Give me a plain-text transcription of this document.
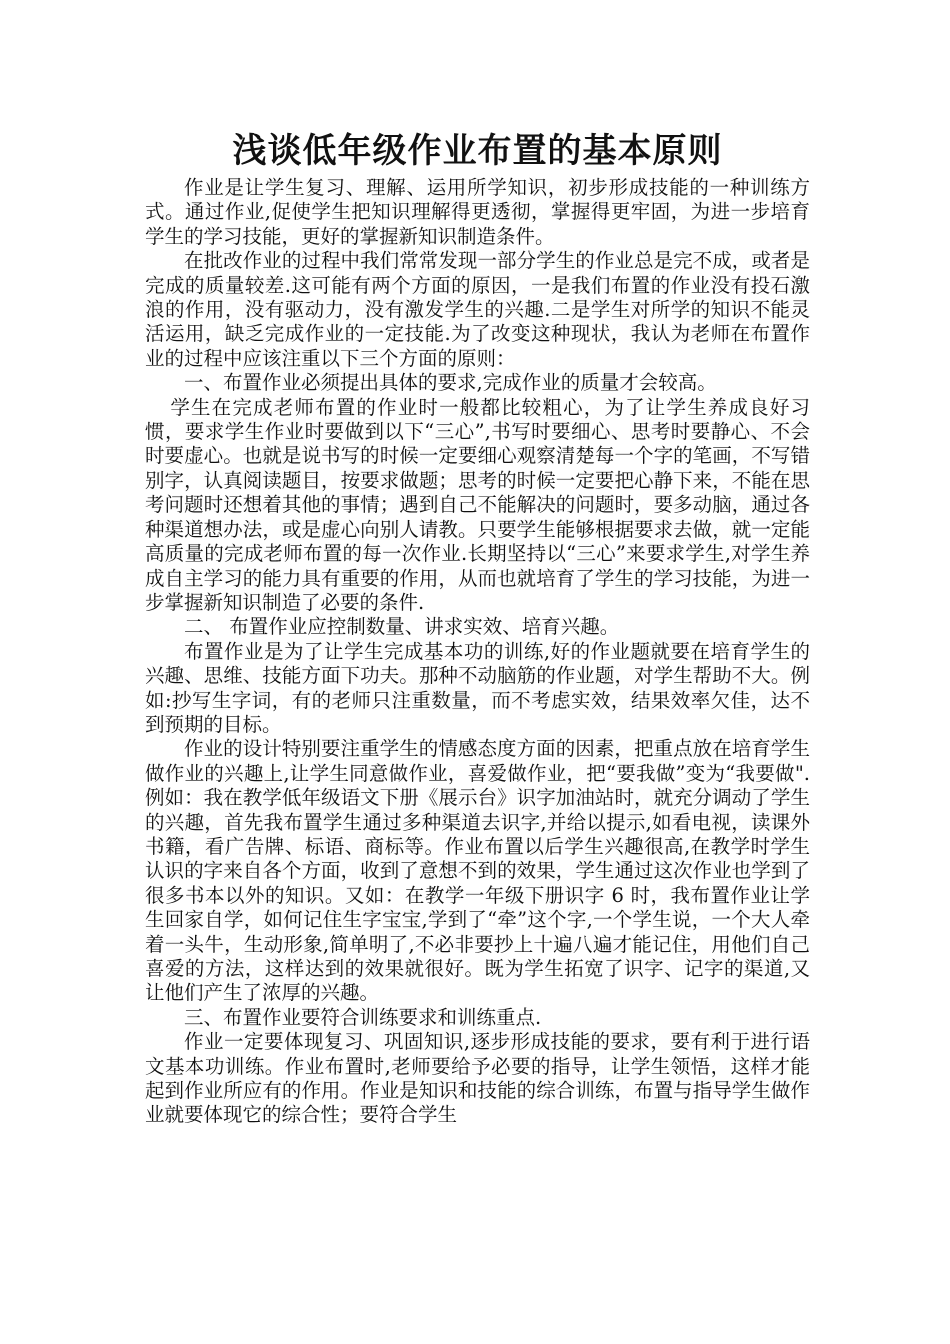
浅谈低年级作业布置的基本原则

作业是让学生复习、理解、运用所学知识，初步形成技能的一种训练方式。通过作业,促使学生把知识理解得更透彻，掌握得更牢固，为进一步培育学生的学习技能，更好的掌握新知识制造条件。

在批改作业的过程中我们常常发现一部分学生的作业总是完不成，或者是完成的质量较差.这可能有两个方面的原因，一是我们布置的作业没有投石激浪的作用，没有驱动力，没有激发学生的兴趣.二是学生对所学的知识不能灵活运用，缺乏完成作业的一定技能.为了改变这种现状，我认为老师在布置作业的过程中应该注重以下三个方面的原则：

一、布置作业必须提出具体的要求,完成作业的质量才会较高。

学生在完成老师布置的作业时一般都比较粗心，为了让学生养成良好习惯，要求学生作业时要做到以下“三心”,书写时要细心、思考时要静心、不会时要虚心。也就是说书写的时候一定要细心观察清楚每一个字的笔画，不写错别字，认真阅读题目，按要求做题；思考的时候一定要把心静下来，不能在思考问题时还想着其他的事情；遇到自己不能解决的问题时，要多动脑，通过各种渠道想办法，或是虚心向别人请教。只要学生能够根据要求去做，就一定能高质量的完成老师布置的每一次作业.长期坚持以“三心”来要求学生,对学生养成自主学习的能力具有重要的作用，从而也就培育了学生的学习技能，为进一步掌握新知识制造了必要的条件.

二、 布置作业应控制数量、讲求实效、培育兴趣。

布置作业是为了让学生完成基本功的训练,好的作业题就要在培育学生的兴趣、思维、技能方面下功夫。那种不动脑筋的作业题，对学生帮助不大。例如:抄写生字词，有的老师只注重数量，而不考虑实效，结果效率欠佳，达不到预期的目标。

作业的设计特别要注重学生的情感态度方面的因素，把重点放在培育学生做作业的兴趣上,让学生同意做作业，喜爱做作业，把“要我做”变为“我要做".例如：我在教学低年级语文下册《展示台》识字加油站时，就充分调动了学生的兴趣，首先我布置学生通过多种渠道去识字,并给以提示,如看电视，读课外书籍，看广告牌、标语、商标等。作业布置以后学生兴趣很高,在教学时学生认识的字来自各个方面，收到了意想不到的效果，学生通过这次作业也学到了很多书本以外的知识。又如：在教学一年级下册识字 6 时，我布置作业让学生回家自学，如何记住生字宝宝,学到了“牵”这个字,一个学生说，一个大人牵着一头牛，生动形象,简单明了,不必非要抄上十遍八遍才能记住，用他们自己喜爱的方法，这样达到的效果就很好。既为学生拓宽了识字、记字的渠道,又让他们产生了浓厚的兴趣。

三、布置作业要符合训练要求和训练重点.

作业一定要体现复习、巩固知识,逐步形成技能的要求，要有利于进行语文基本功训练。作业布置时,老师要给予必要的指导，让学生领悟，这样才能起到作业所应有的作用。作业是知识和技能的综合训练，布置与指导学生做作业就要体现它的综合性；要符合学生
